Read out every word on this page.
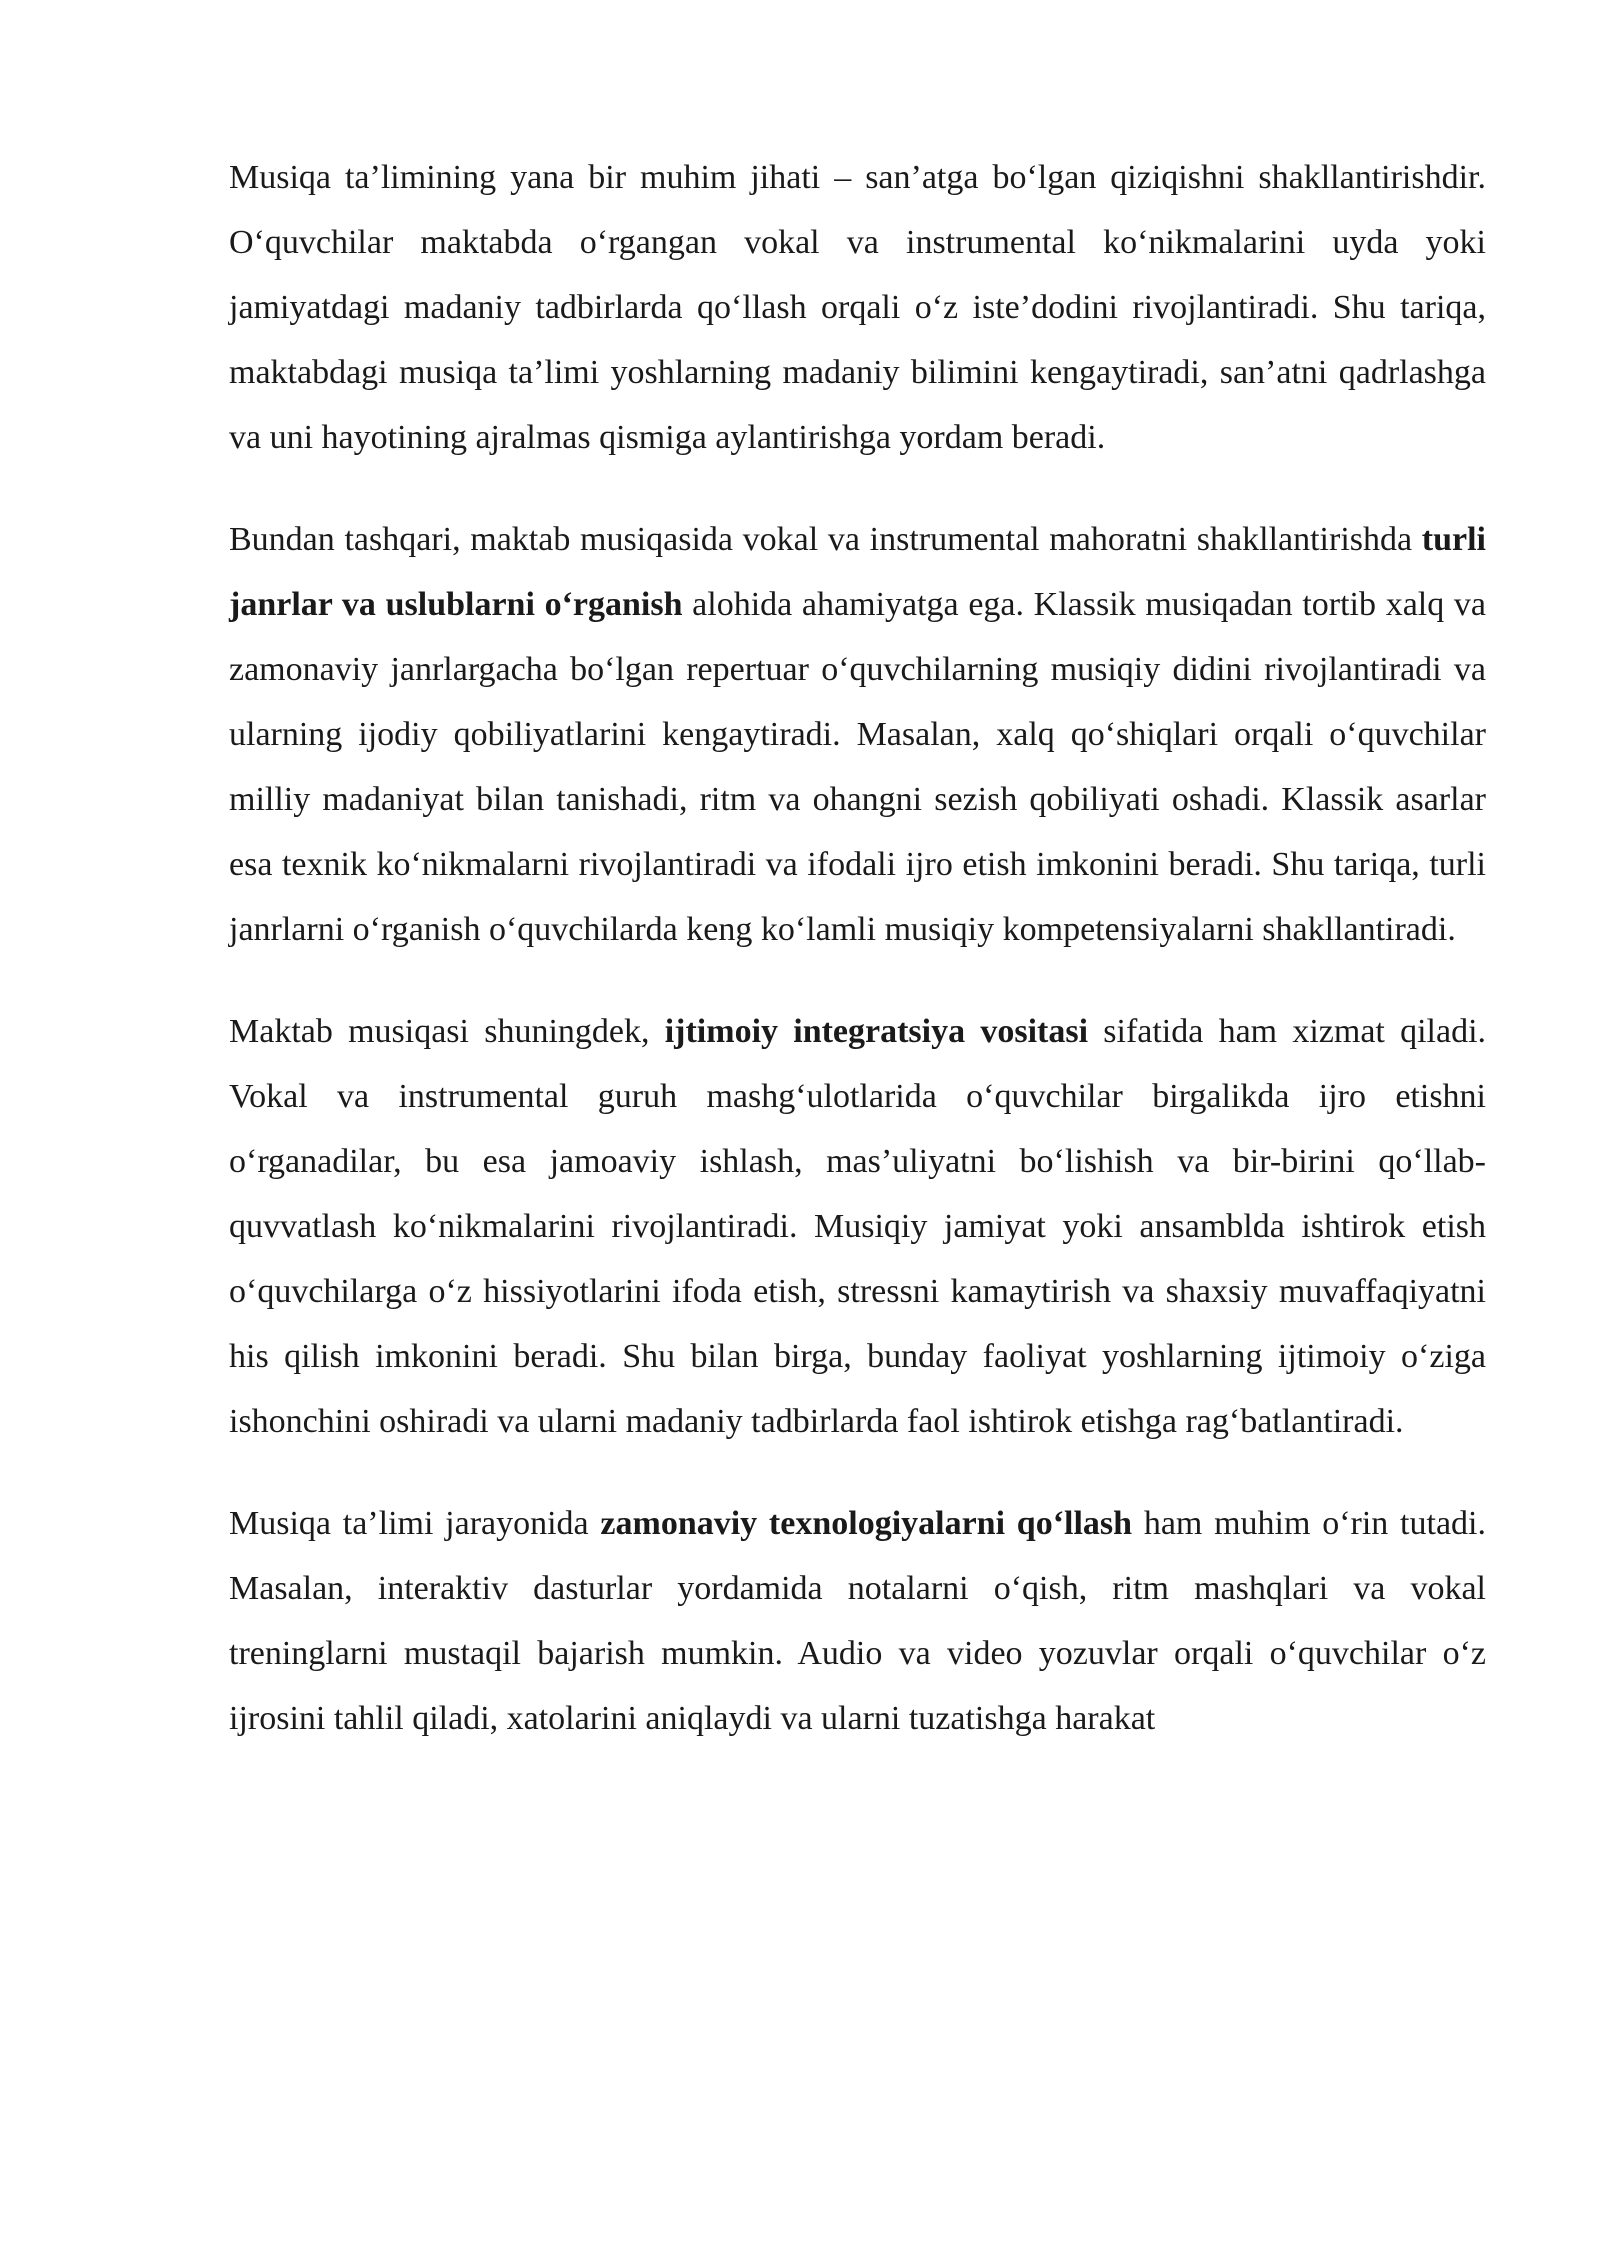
Musiqa ta’limining yana bir muhim jihati – san’atga bo‘lgan qiziqishni shakllantirishdir. O‘quvchilar maktabda o‘rgangan vokal va instrumental ko‘nikmalarini uyda yoki jamiyatdagi madaniy tadbirlarda qo‘llash orqali o‘z iste’dodini rivojlantiradi. Shu tariqa, maktabdagi musiqa ta’limi yoshlarning madaniy bilimini kengaytiradi, san’atni qadrlashga va uni hayotining ajralmas qismiga aylantirishga yordam beradi.

Bundan tashqari, maktab musiqasida vokal va instrumental mahoratni shakllantirishda turli janrlar va uslublarni o‘rganish alohida ahamiyatga ega. Klassik musiqadan tortib xalq va zamonaviy janrlargacha bo‘lgan repertuar o‘quvchilarning musiqiy didini rivojlantiradi va ularning ijodiy qobiliyatlarini kengaytiradi. Masalan, xalq qo‘shiqlari orqali o‘quvchilar milliy madaniyat bilan tanishadi, ritm va ohangni sezish qobiliyati oshadi. Klassik asarlar esa texnik ko‘nikmalarni rivojlantiradi va ifodali ijro etish imkonini beradi. Shu tariqa, turli janrlarni o‘rganish o‘quvchilarda keng ko‘lamli musiqiy kompetensiyalarni shakllantiradi.

Maktab musiqasi shuningdek, ijtimoiy integratsiya vositasi sifatida ham xizmat qiladi. Vokal va instrumental guruh mashg‘ulotlarida o‘quvchilar birgalikda ijro etishni o‘rganadilar, bu esa jamoaviy ishlash, mas’uliyatni bo‘lishish va bir-birini qo‘llab-quvvatlash ko‘nikmalarini rivojlantiradi. Musiqiy jamiyat yoki ansamblda ishtirok etish o‘quvchilarga o‘z hissiyotlarini ifoda etish, stressni kamaytirish va shaxsiy muvaffaqiyatni his qilish imkonini beradi. Shu bilan birga, bunday faoliyat yoshlarning ijtimoiy o‘ziga ishonchini oshiradi va ularni madaniy tadbirlarda faol ishtirok etishga rag‘batlantiradi.

Musiqa ta’limi jarayonida zamonaviy texnologiyalarni qo‘llash ham muhim o‘rin tutadi. Masalan, interaktiv dasturlar yordamida notalarni o‘qish, ritm mashqlari va vokal treninglarni mustaqil bajarish mumkin. Audio va video yozuvlar orqali o‘quvchilar o‘z ijrosini tahlil qiladi, xatolarini aniqlaydi va ularni tuzatishga harakat
